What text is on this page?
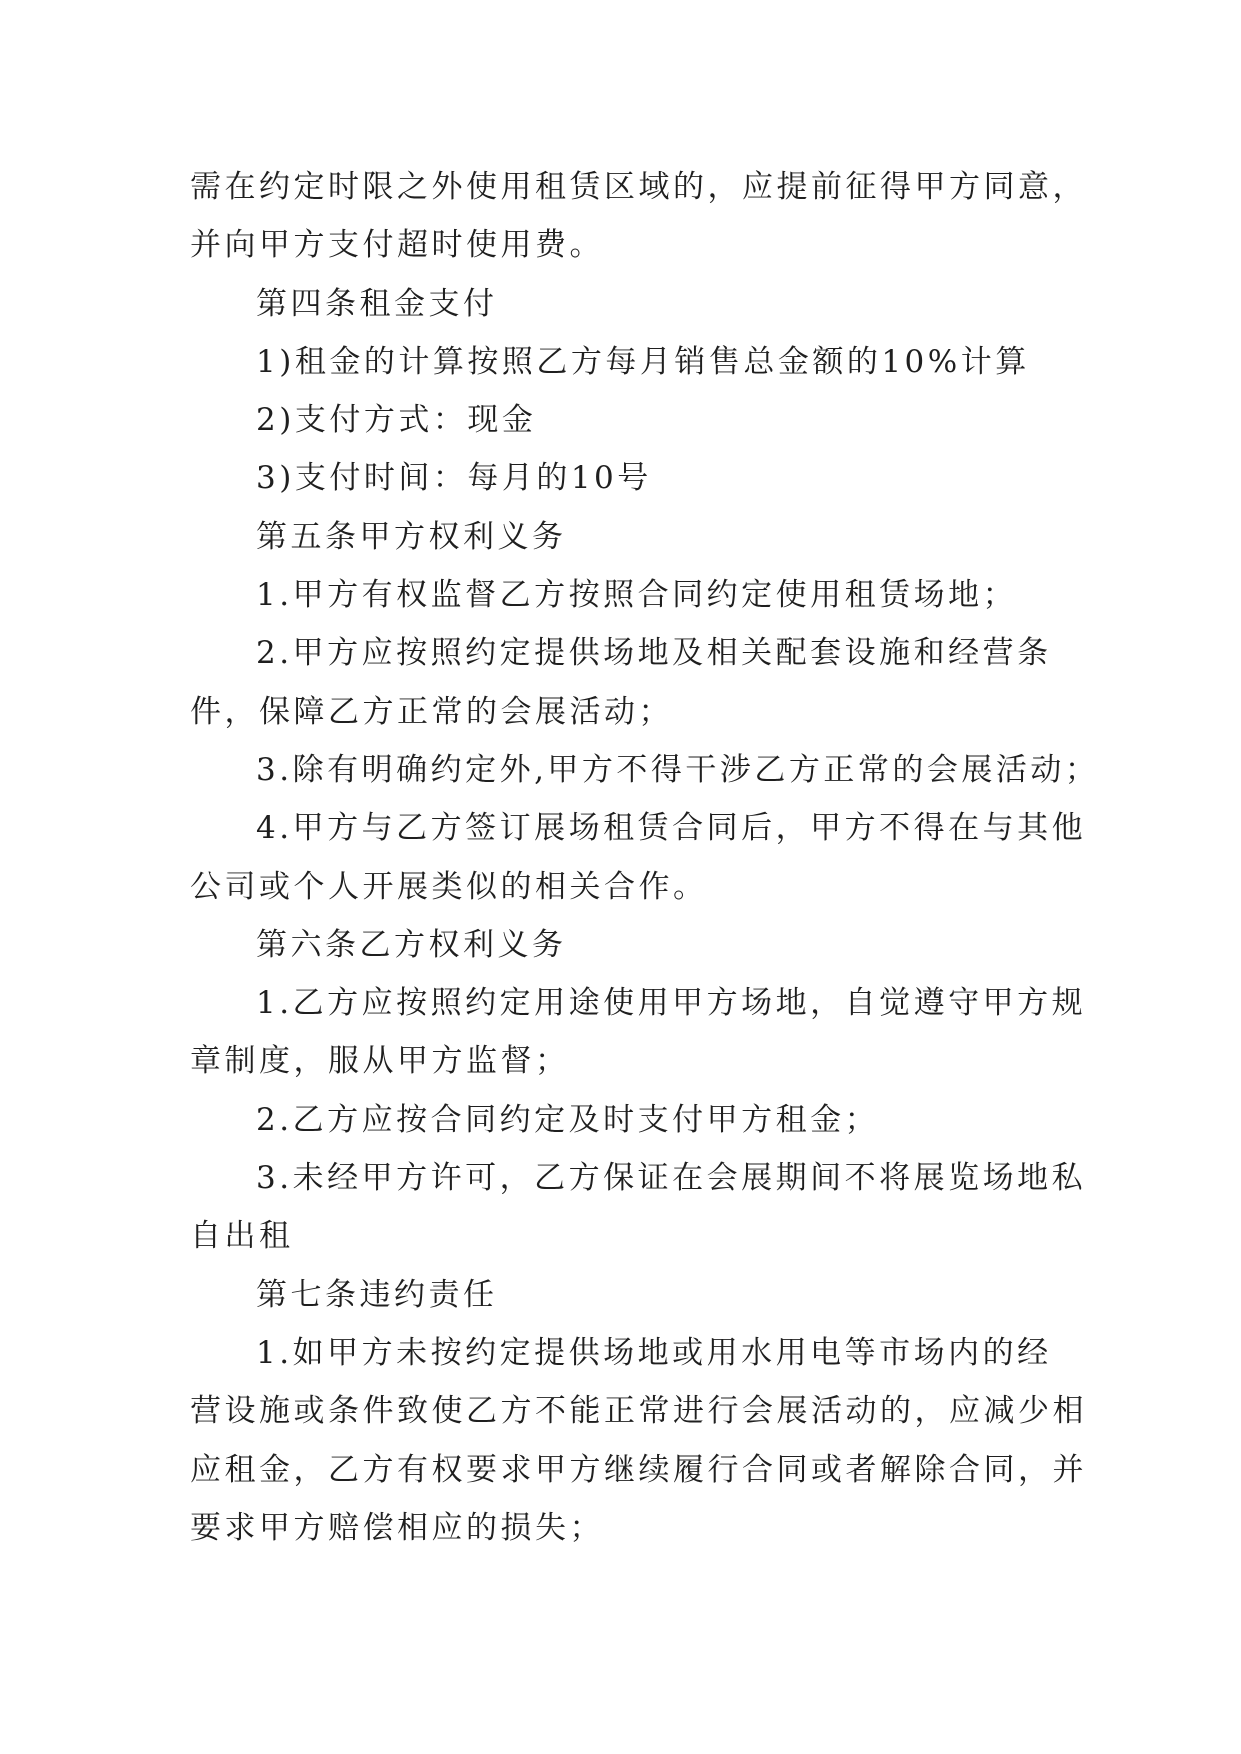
需在约定时限之外使用租赁区域的，应提前征得甲方同意，
并向甲方支付超时使用费。
第四条租金支付
1)租金的计算按照乙方每月销售总金额的10%计算
2)支付方式：现金
3)支付时间：每月的10号
第五条甲方权利义务
1.甲方有权监督乙方按照合同约定使用租赁场地；
2.甲方应按照约定提供场地及相关配套设施和经营条
件，保障乙方正常的会展活动；
3.除有明确约定外,甲方不得干涉乙方正常的会展活动；
4.甲方与乙方签订展场租赁合同后，甲方不得在与其他
公司或个人开展类似的相关合作。
第六条乙方权利义务
1.乙方应按照约定用途使用甲方场地，自觉遵守甲方规
章制度，服从甲方监督；
2.乙方应按合同约定及时支付甲方租金；
3.未经甲方许可，乙方保证在会展期间不将展览场地私
自出租
第七条违约责任
1.如甲方未按约定提供场地或用水用电等市场内的经
营设施或条件致使乙方不能正常进行会展活动的，应减少相
应租金，乙方有权要求甲方继续履行合同或者解除合同，并
要求甲方赔偿相应的损失；
